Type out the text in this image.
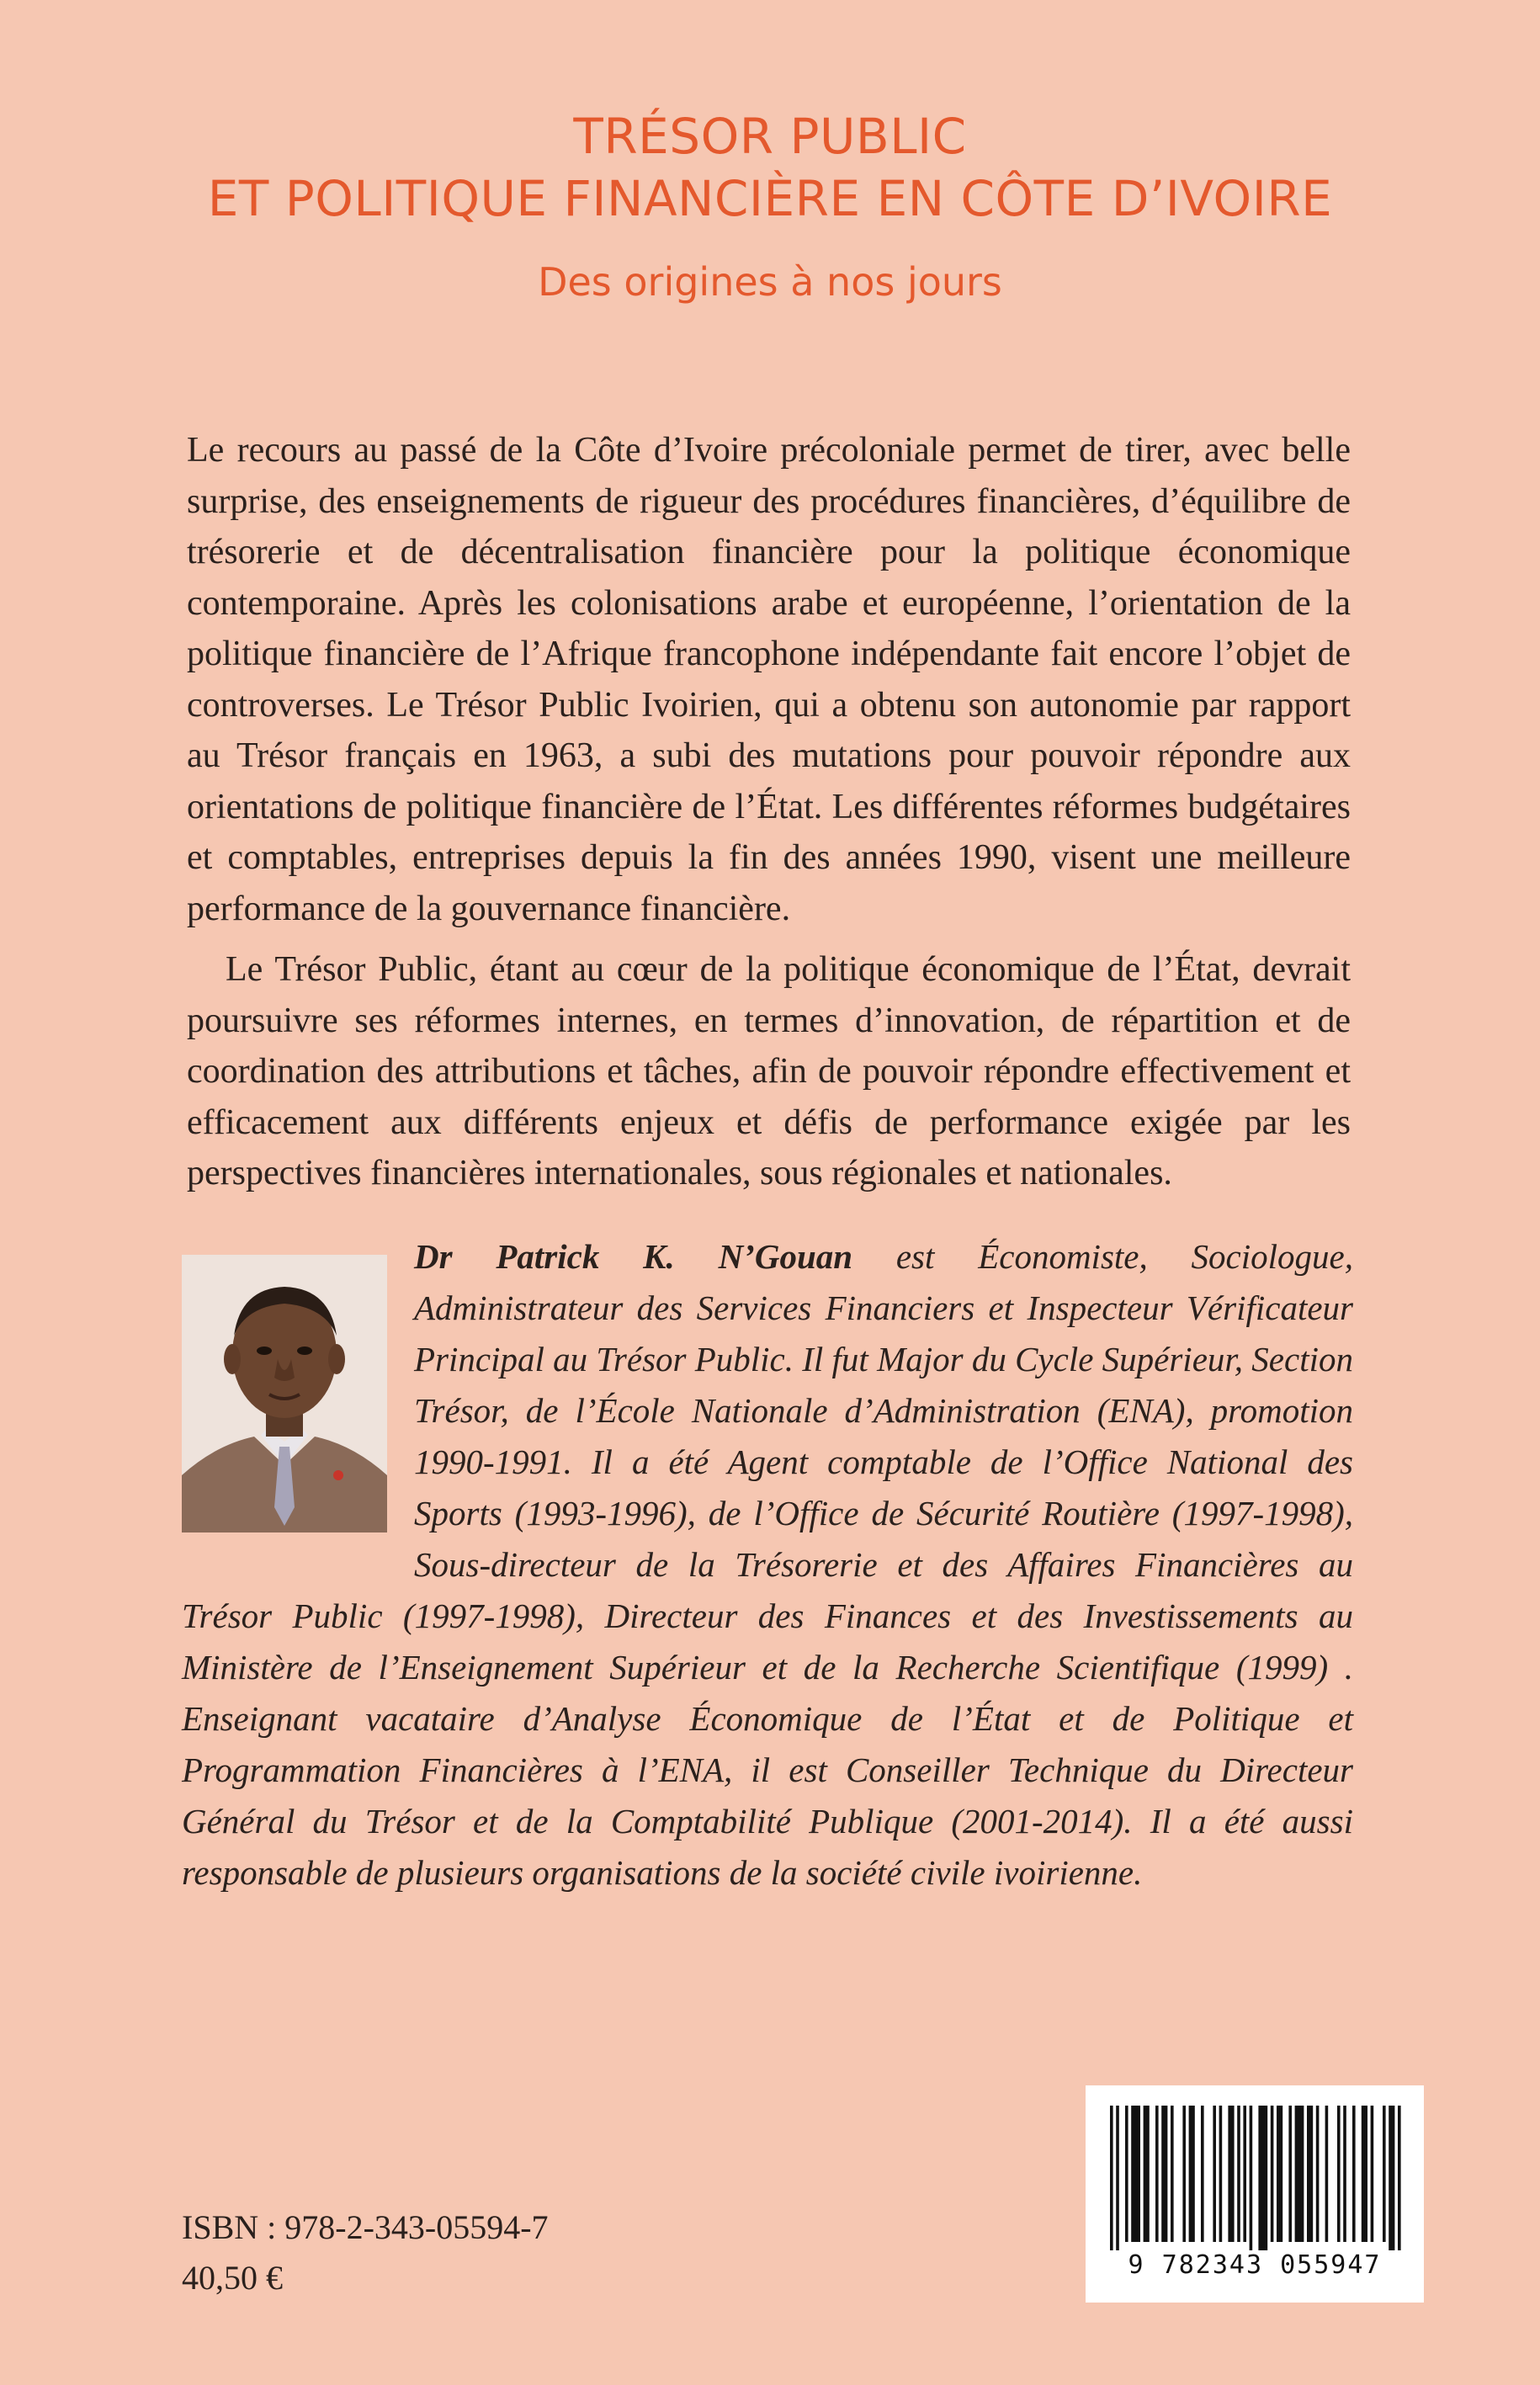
TRÉSOR PUBLIC
ET POLITIQUE FINANCIÈRE EN CÔTE D’IVOIRE
Des origines à nos jours

Le recours au passé de la Côte d’Ivoire précoloniale permet de tirer, avec belle surprise, des enseignements de rigueur des procédures financières, d’équilibre de trésorerie et de décentralisation financière pour la politique économique contemporaine. Après les colonisations arabe et européenne, l’orientation de la politique financière de l’Afrique francophone indépendante fait encore l’objet de controverses. Le Trésor Public Ivoirien, qui a obtenu son autonomie par rapport au Trésor français en 1963, a subi des mutations pour pouvoir répondre aux orientations de politique financière de l’État. Les différentes réformes budgétaires et comptables, entreprises depuis la fin des années 1990, visent une meilleure performance de la gouvernance financière.

Le Trésor Public, étant au cœur de la politique économique de l’État, devrait poursuivre ses réformes internes, en termes d’innovation, de répartition et de coordination des attributions et tâches, afin de pouvoir répondre effectivement et efficacement aux différents enjeux et défis de performance exigée par les perspectives financières internationales, sous régionales et nationales.

Dr Patrick K. N’Gouan est Économiste, Sociologue, Administrateur des Services Financiers et Inspecteur Vérificateur Principal au Trésor Public. Il fut Major du Cycle Supérieur, Section Trésor, de l’École Nationale d’Administration (ENA), promotion 1990-1991. Il a été Agent comptable de l’Office National des Sports (1993-1996), de l’Office de Sécurité Routière (1997-1998), Sous-directeur de la Trésorerie et des Affaires Financières au Trésor Public (1997-1998), Directeur des Finances et des Investissements au Ministère de l’Enseignement Supérieur et de la Recherche Scientifique (1999) . Enseignant vacataire d’Analyse Économique de l’État et de Politique et Programmation Financières à l’ENA, il est Conseiller Technique du Directeur Général du Trésor et de la Comptabilité Publique (2001-2014). Il a été aussi responsable de plusieurs organisations de la société civile ivoirienne.
9 782343 055947
ISBN : 978-2-343-05594-7
40,50 €
